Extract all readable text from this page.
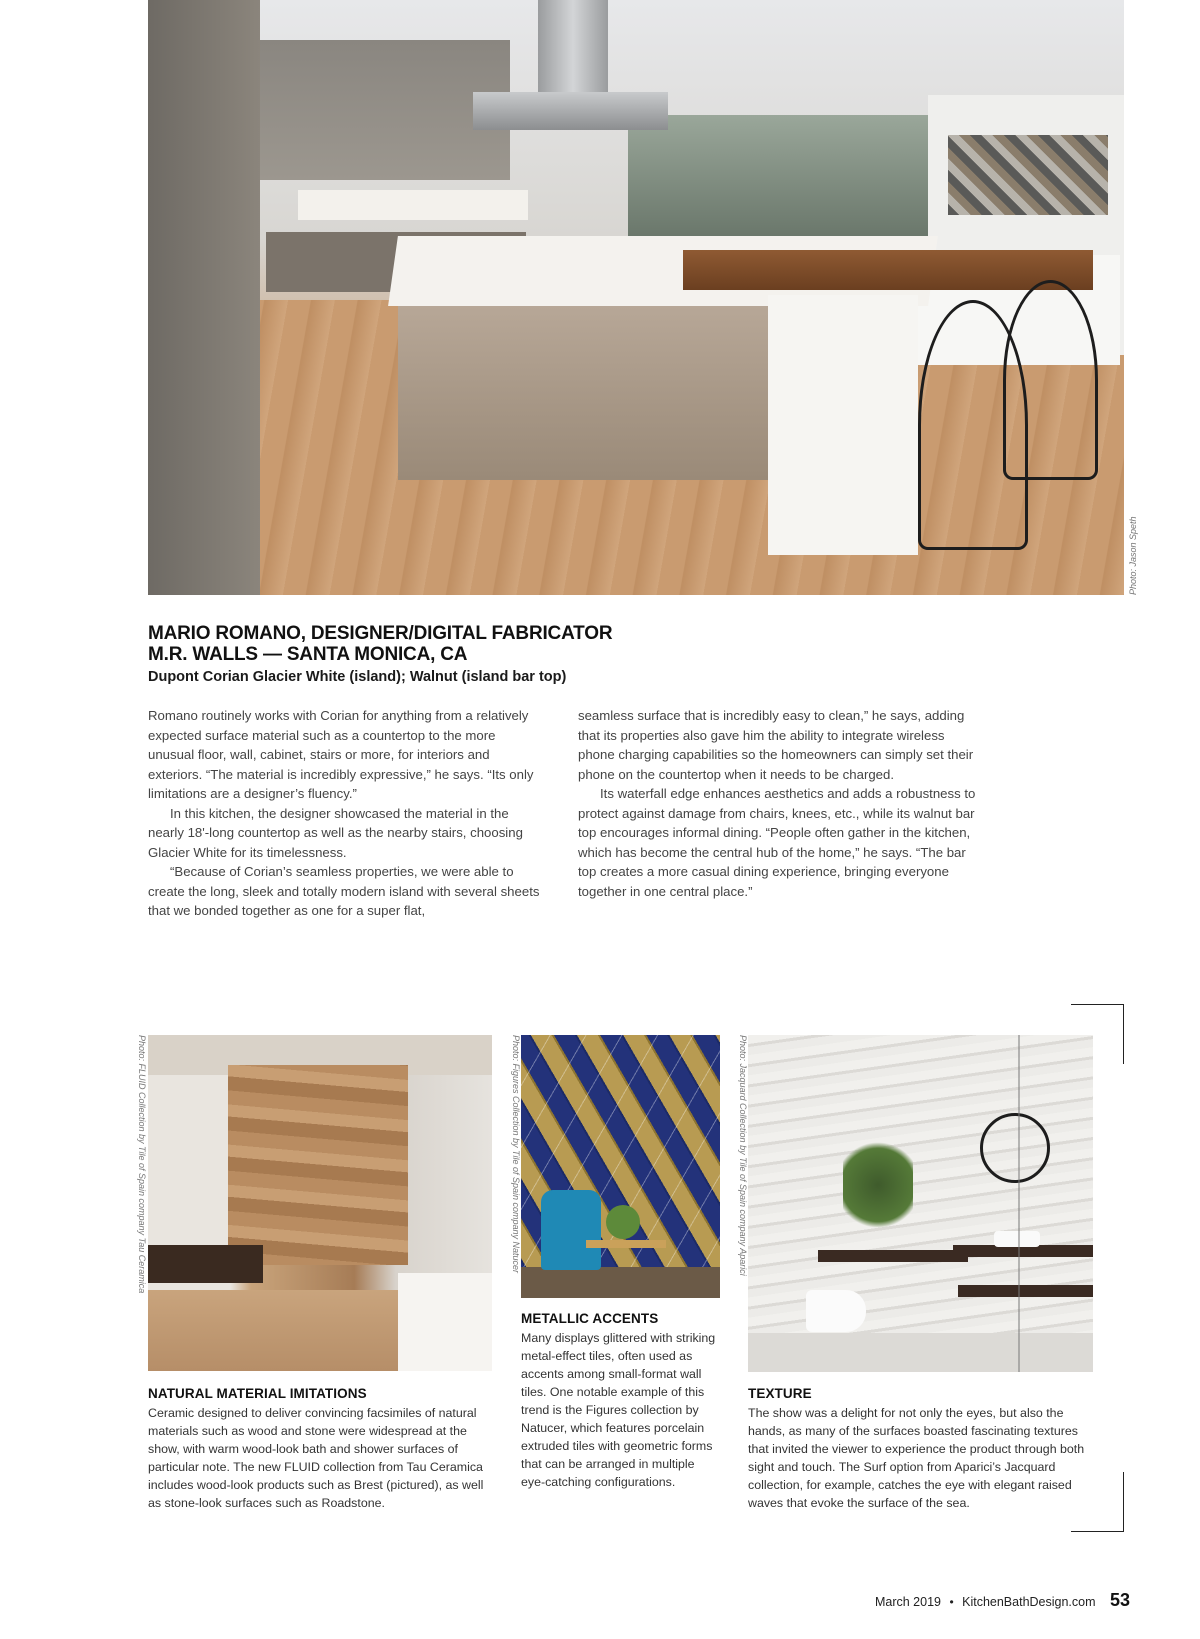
Photo: Jason Speth
MARIO ROMANO, DESIGNER/DIGITAL FABRICATOR
M.R. WALLS — SANTA MONICA, CA
Dupont Corian Glacier White (island); Walnut (island bar top)

Romano routinely works with Corian for anything from a relatively expected surface material such as a countertop to the more unusual floor, wall, cabinet, stairs or more, for interiors and exteriors. “The material is incredibly expressive,” he says. “Its only limitations are a designer’s fluency.”

In this kitchen, the designer showcased the material in the nearly 18'-long countertop as well as the nearby stairs, choosing Glacier White for its timelessness.

“Because of Corian’s seamless properties, we were able to create the long, sleek and totally modern island with several sheets that we bonded together as one for a super flat,

seamless surface that is incredibly easy to clean,” he says, adding that its properties also gave him the ability to integrate wireless phone charging capabilities so the homeowners can simply set their phone on the countertop when it needs to be charged.

Its waterfall edge enhances aesthetics and adds a robustness to protect against damage from chairs, knees, etc., while its walnut bar top encourages informal dining. “People often gather in the kitchen, which has become the central hub of the home,” he says. “The bar top creates a more casual dining experience, bringing everyone together in one central place.”

Photo: FLUID Collection by Tile of Spain company Tau Ceramica
NATURAL MATERIAL IMITATIONS
Ceramic designed to deliver convincing facsimiles of natural materials such as wood and stone were widespread at the show, with warm wood-look bath and shower surfaces of particular note. The new FLUID collection from Tau Ceramica includes wood-look products such as Brest (pictured), as well as stone-look surfaces such as Roadstone.
Photo: Figures Collection by Tile of Spain company Natucer
METALLIC ACCENTS
Many displays glittered with striking metal-effect tiles, often used as accents among small-format wall tiles. One notable example of this trend is the Figures collection by Natucer, which features porcelain extruded tiles with geometric forms that can be arranged in multiple eye-catching configurations.
Photo: Jacquard Collection by Tile of Spain company Aparici
TEXTURE
The show was a delight for not only the eyes, but also the hands, as many of the surfaces boasted fascinating textures that invited the viewer to experience the product through both sight and touch. The Surf option from Aparici’s Jacquard collection, for example, catches the eye with elegant raised waves that evoke the surface of the sea.
March 2019 • KitchenBathDesign.com 53
